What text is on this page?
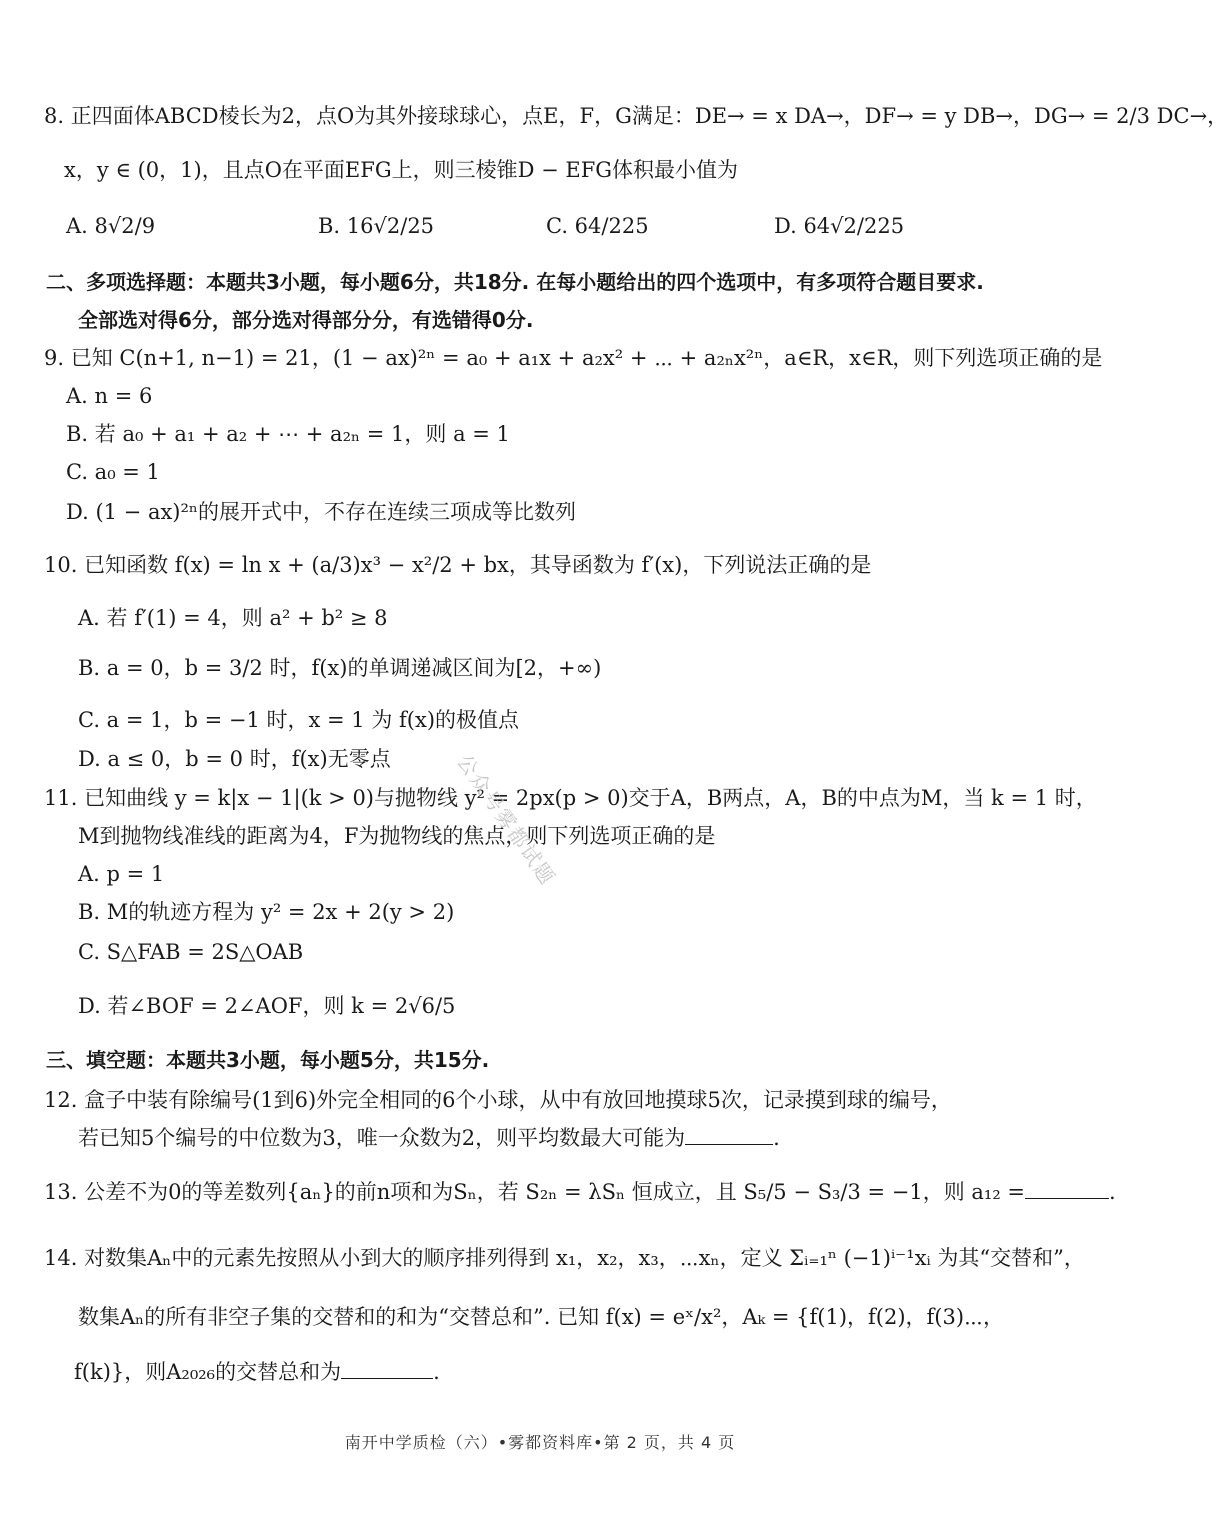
8. 正四面体ABCD棱长为2，点O为其外接球球心，点E，F，G满足：DE→ = x DA→，DF→ = y DB→，DG→ = 2/3 DC→，
x，y ∈ (0，1)，且点O在平面EFG上，则三棱锥D − EFG体积最小值为
A. 8√2/9	B. 16√2/25	C. 64/225	D. 64√2/225
二、多项选择题：本题共3小题，每小题6分，共18分. 在每小题给出的四个选项中，有多项符合题目要求.
全部选对得6分，部分选对得部分分，有选错得0分.
9. 已知 C(n+1, n−1) = 21，(1 − ax)²ⁿ = a₀ + a₁x + a₂x² + ⋯ + a₂ₙx²ⁿ，a∈R，x∈R，则下列选项正确的是
A. n = 6
B. 若 a₀ + a₁ + a₂ + ⋯ + a₂ₙ = 1，则 a = 1
C. a₀ = 1
D. (1 − ax)²ⁿ的展开式中，不存在连续三项成等比数列
10. 已知函数 f(x) = ln x + (a/3)x³ − x²/2 + bx，其导函数为 f′(x)，下列说法正确的是
A. 若 f′(1) = 4，则 a² + b² ≥ 8
B. a = 0，b = 3/2 时，f(x)的单调递减区间为[2，+∞)
C. a = 1，b = −1 时，x = 1 为 f(x)的极值点
D. a ≤ 0，b = 0 时，f(x)无零点
11. 已知曲线 y = k|x − 1|(k > 0)与抛物线 y² = 2px(p > 0)交于A，B两点，A，B的中点为M，当 k = 1 时，
M到抛物线准线的距离为4，F为抛物线的焦点，则下列选项正确的是
A. p = 1
B. M的轨迹方程为 y² = 2x + 2(y > 2)
C. S△FAB = 2S△OAB
D. 若∠BOF = 2∠AOF，则 k = 2√6/5
三、填空题：本题共3小题，每小题5分，共15分.
12. 盒子中装有除编号(1到6)外完全相同的6个小球，从中有放回地摸球5次，记录摸到球的编号，
若已知5个编号的中位数为3，唯一众数为2，则平均数最大可能为	.
13. 公差不为0的等差数列{aₙ}的前n项和为Sₙ，若 S₂ₙ = λSₙ 恒成立，且 S₅/5 − S₃/3 = −1，则 a₁₂ =	.
14. 对数集Aₙ中的元素先按照从小到大的顺序排列得到 x₁，x₂，x₃，⋯xₙ，定义 Σᵢ₌₁ⁿ (−1)ⁱ⁻¹xᵢ 为其“交替和”，
数集Aₙ的所有非空子集的交替和的和为“交替总和”. 已知 f(x) = eˣ/x²，Aₖ = {f(1)，f(2)，f(3)⋯，
f(k)}，则A₂₀₂₆的交替总和为	.
公众号雾都试题
南开中学质检（六）•雾都资料库•第 2 页，共 4 页
